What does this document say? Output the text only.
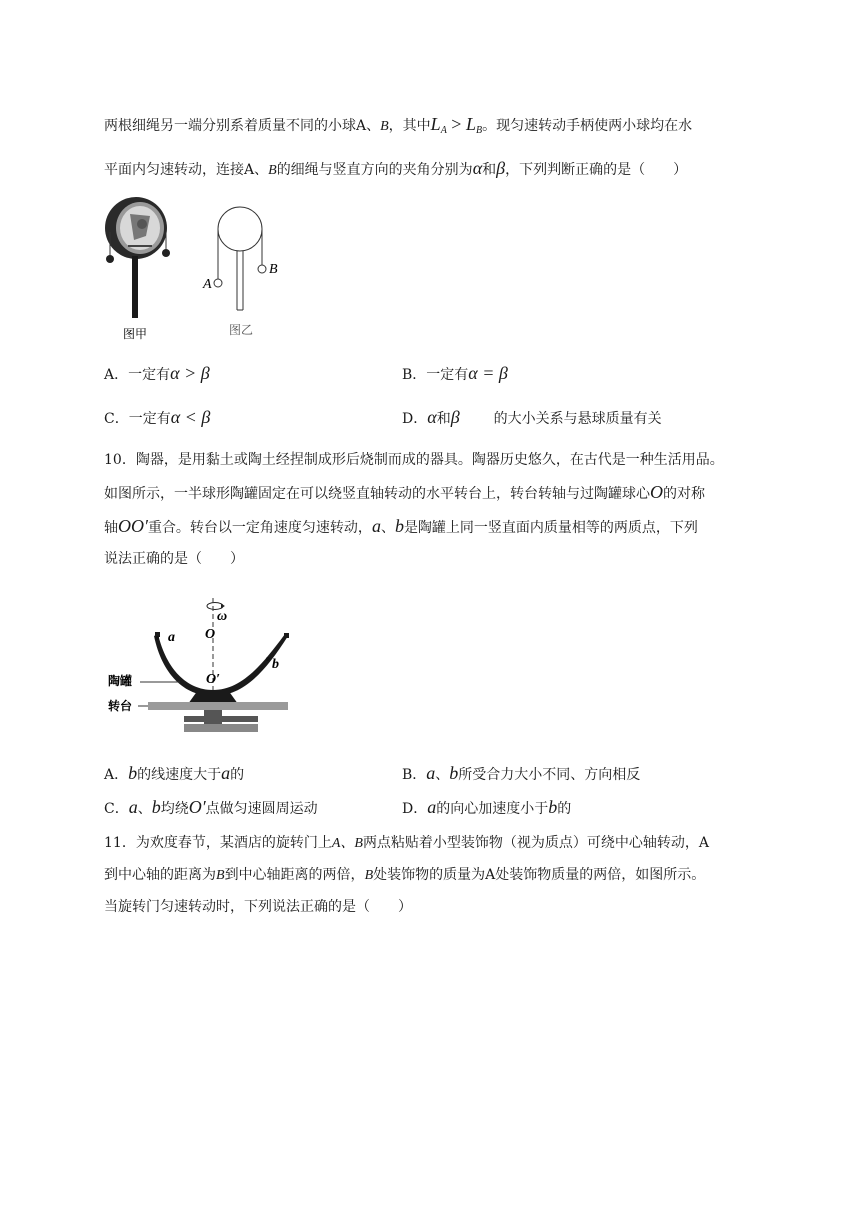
两根细绳另一端分别系着质量不同的小球A、B，其中$L_A > L_B$。现匀速转动手柄使两小球均在水
平面内匀速转动，连接A、B的细绳与竖直方向的夹角分别为α和β，下列判断正确的是（　　）
图甲
A
B
图乙
A．一定有α > β	B．一定有α = β
C．一定有α < β	D．α和β 的大小关系与悬球质量有关
10．陶器，是用黏土或陶土经捏制成形后烧制而成的器具。陶器历史悠久，在古代是一种生活用品。
如图所示，一半球形陶罐固定在可以绕竖直轴转动的水平转台上，转台转轴与过陶罐球心O的对称
轴OO′重合。转台以一定角速度匀速转动，a、b是陶罐上同一竖直面内质量相等的两质点，下列
说法正确的是（　　）
ω
O
a
b
O′
陶罐
转台
A．b的线速度大于a的	B．a、b所受合力大小不同、方向相反
C．a、b均绕O′点做匀速圆周运动	D．a的向心加速度小于b的
11．为欢度春节，某酒店的旋转门上A、B两点粘贴着小型装饰物（视为质点）可绕中心轴转动，A
到中心轴的距离为B到中心轴距离的两倍，B处装饰物的质量为A处装饰物质量的两倍，如图所示。
当旋转门匀速转动时，下列说法正确的是（　　）
